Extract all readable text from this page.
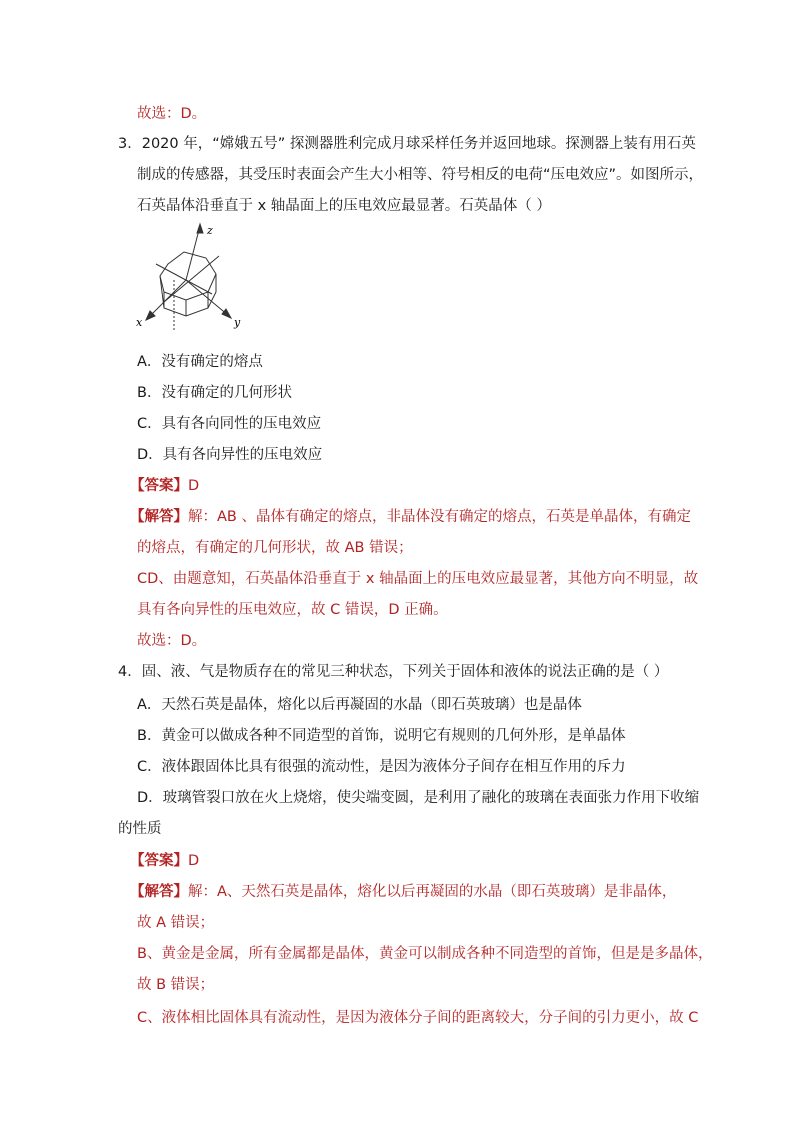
故选：D。
3．2020 年，“嫦娥五号” 探测器胜利完成月球采样任务并返回地球。探测器上装有用石英
制成的传感器，其受压时表面会产生大小相等、符号相反的电荷“压电效应”。如图所示，
石英晶体沿垂直于 x 轴晶面上的压电效应最显著。石英晶体（ ）
z
x	y
A．没有确定的熔点
B．没有确定的几何形状
C．具有各向同性的压电效应
D．具有各向异性的压电效应
【答案】D
【解答】解：AB 、晶体有确定的熔点，非晶体没有确定的熔点，石英是单晶体，有确定
的熔点，有确定的几何形状，故 AB 错误；
CD、由题意知，石英晶体沿垂直于 x 轴晶面上的压电效应最显著，其他方向不明显，故
具有各向异性的压电效应，故 C 错误，D 正确。
故选：D。
4．固、液、气是物质存在的常见三种状态，下列关于固体和液体的说法正确的是（ ）
A．天然石英是晶体，熔化以后再凝固的水晶（即石英玻璃）也是晶体
B．黄金可以做成各种不同造型的首饰，说明它有规则的几何外形，是单晶体
C．液体跟固体比具有很强的流动性，是因为液体分子间存在相互作用的斥力
D．玻璃管裂口放在火上烧熔，使尖端变圆，是利用了融化的玻璃在表面张力作用下收缩
的性质
【答案】D
【解答】解：A、天然石英是晶体，熔化以后再凝固的水晶（即石英玻璃）是非晶体，
故 A 错误；
B、黄金是金属，所有金属都是晶体，黄金可以制成各种不同造型的首饰，但是是多晶体，
故 B 错误；
C、液体相比固体具有流动性，是因为液体分子间的距离较大，分子间的引力更小，故 C
